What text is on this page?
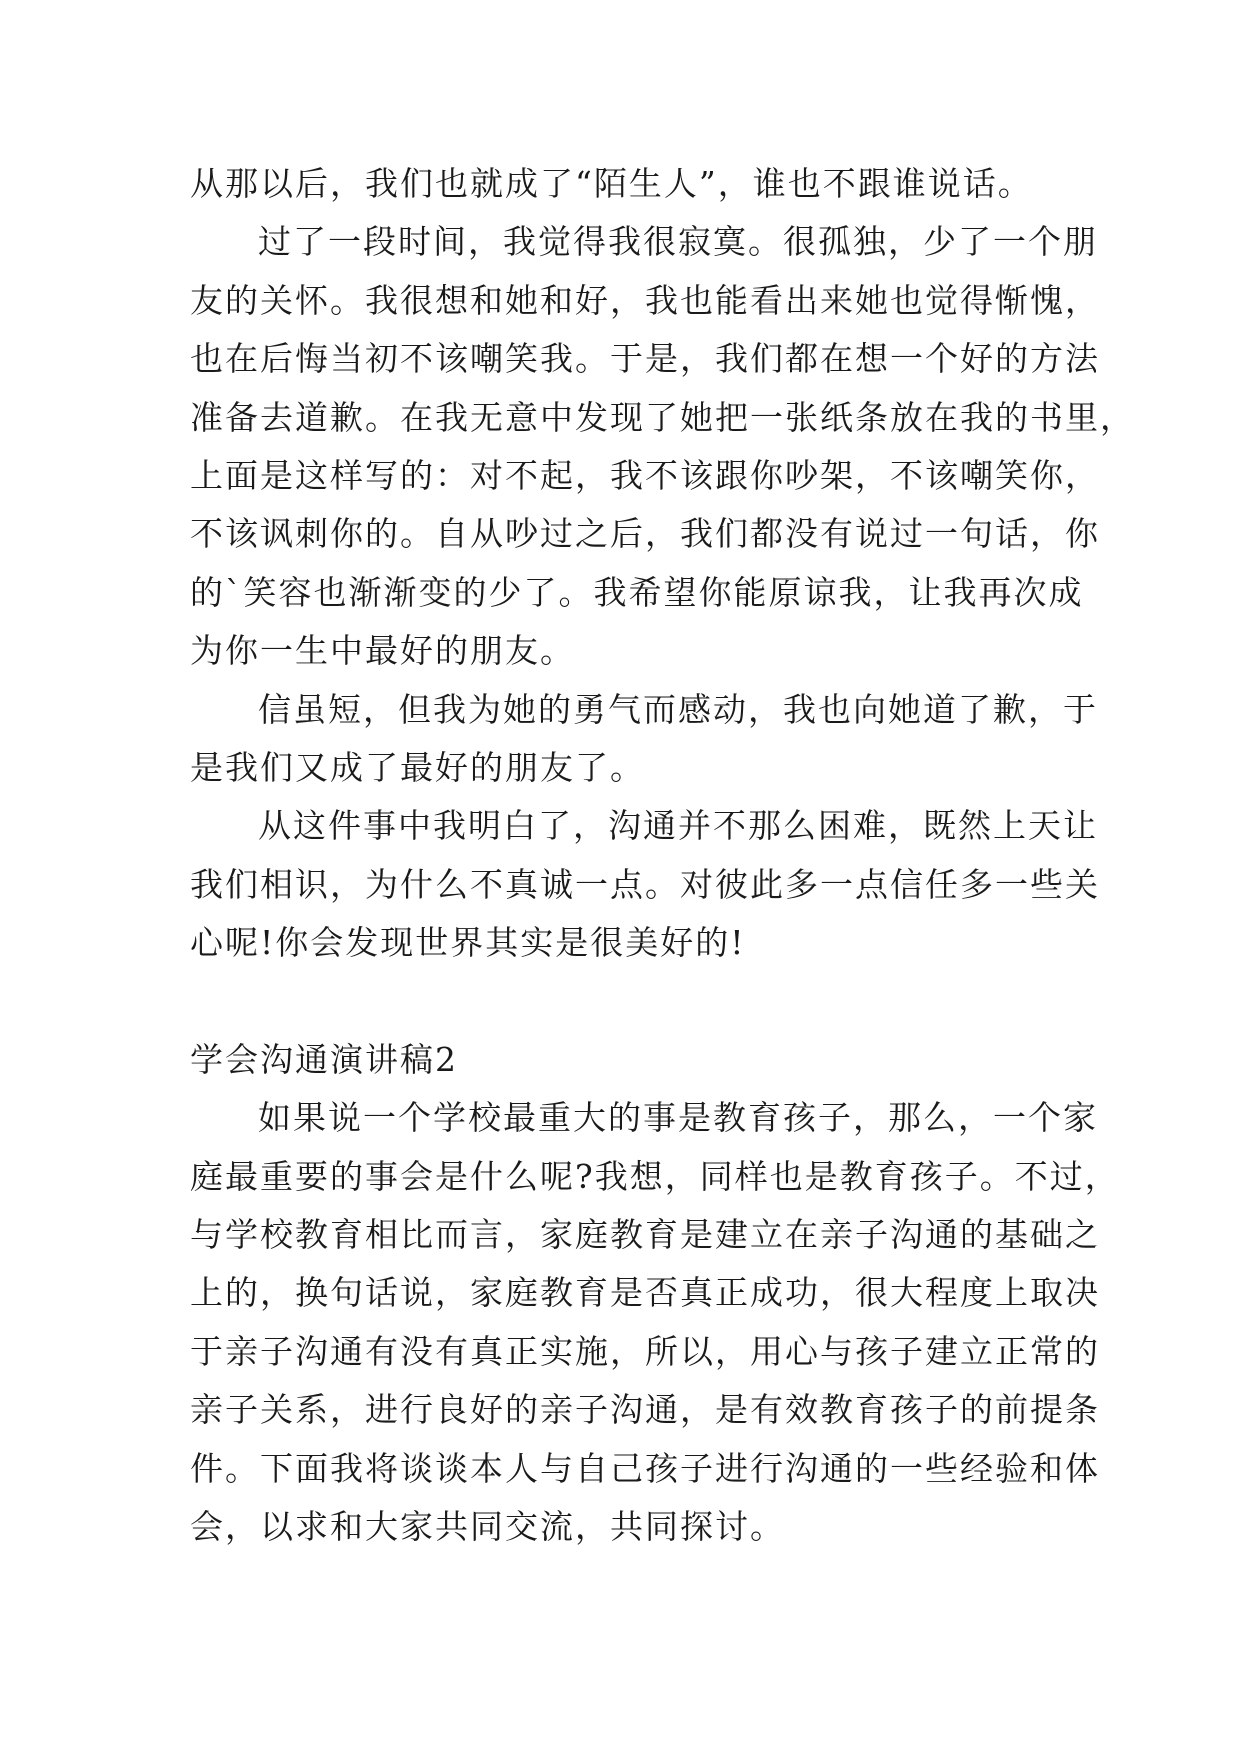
从那以后，我们也就成了“陌生人”，谁也不跟谁说话。
过了一段时间，我觉得我很寂寞。很孤独，少了一个朋
友的关怀。我很想和她和好，我也能看出来她也觉得惭愧，
也在后悔当初不该嘲笑我。于是，我们都在想一个好的方法
准备去道歉。在我无意中发现了她把一张纸条放在我的书里，
上面是这样写的：对不起，我不该跟你吵架，不该嘲笑你，
不该讽刺你的。自从吵过之后，我们都没有说过一句话，你
的`笑容也渐渐变的少了。我希望你能原谅我，让我再次成
为你一生中最好的朋友。
信虽短，但我为她的勇气而感动，我也向她道了歉，于
是我们又成了最好的朋友了。
从这件事中我明白了，沟通并不那么困难，既然上天让
我们相识，为什么不真诚一点。对彼此多一点信任多一些关
心呢!你会发现世界其实是很美好的!
学会沟通演讲稿2
如果说一个学校最重大的事是教育孩子，那么，一个家
庭最重要的事会是什么呢?我想，同样也是教育孩子。不过，
与学校教育相比而言，家庭教育是建立在亲子沟通的基础之
上的，换句话说，家庭教育是否真正成功，很大程度上取决
于亲子沟通有没有真正实施，所以，用心与孩子建立正常的
亲子关系，进行良好的亲子沟通，是有效教育孩子的前提条
件。下面我将谈谈本人与自己孩子进行沟通的一些经验和体
会，以求和大家共同交流，共同探讨。
